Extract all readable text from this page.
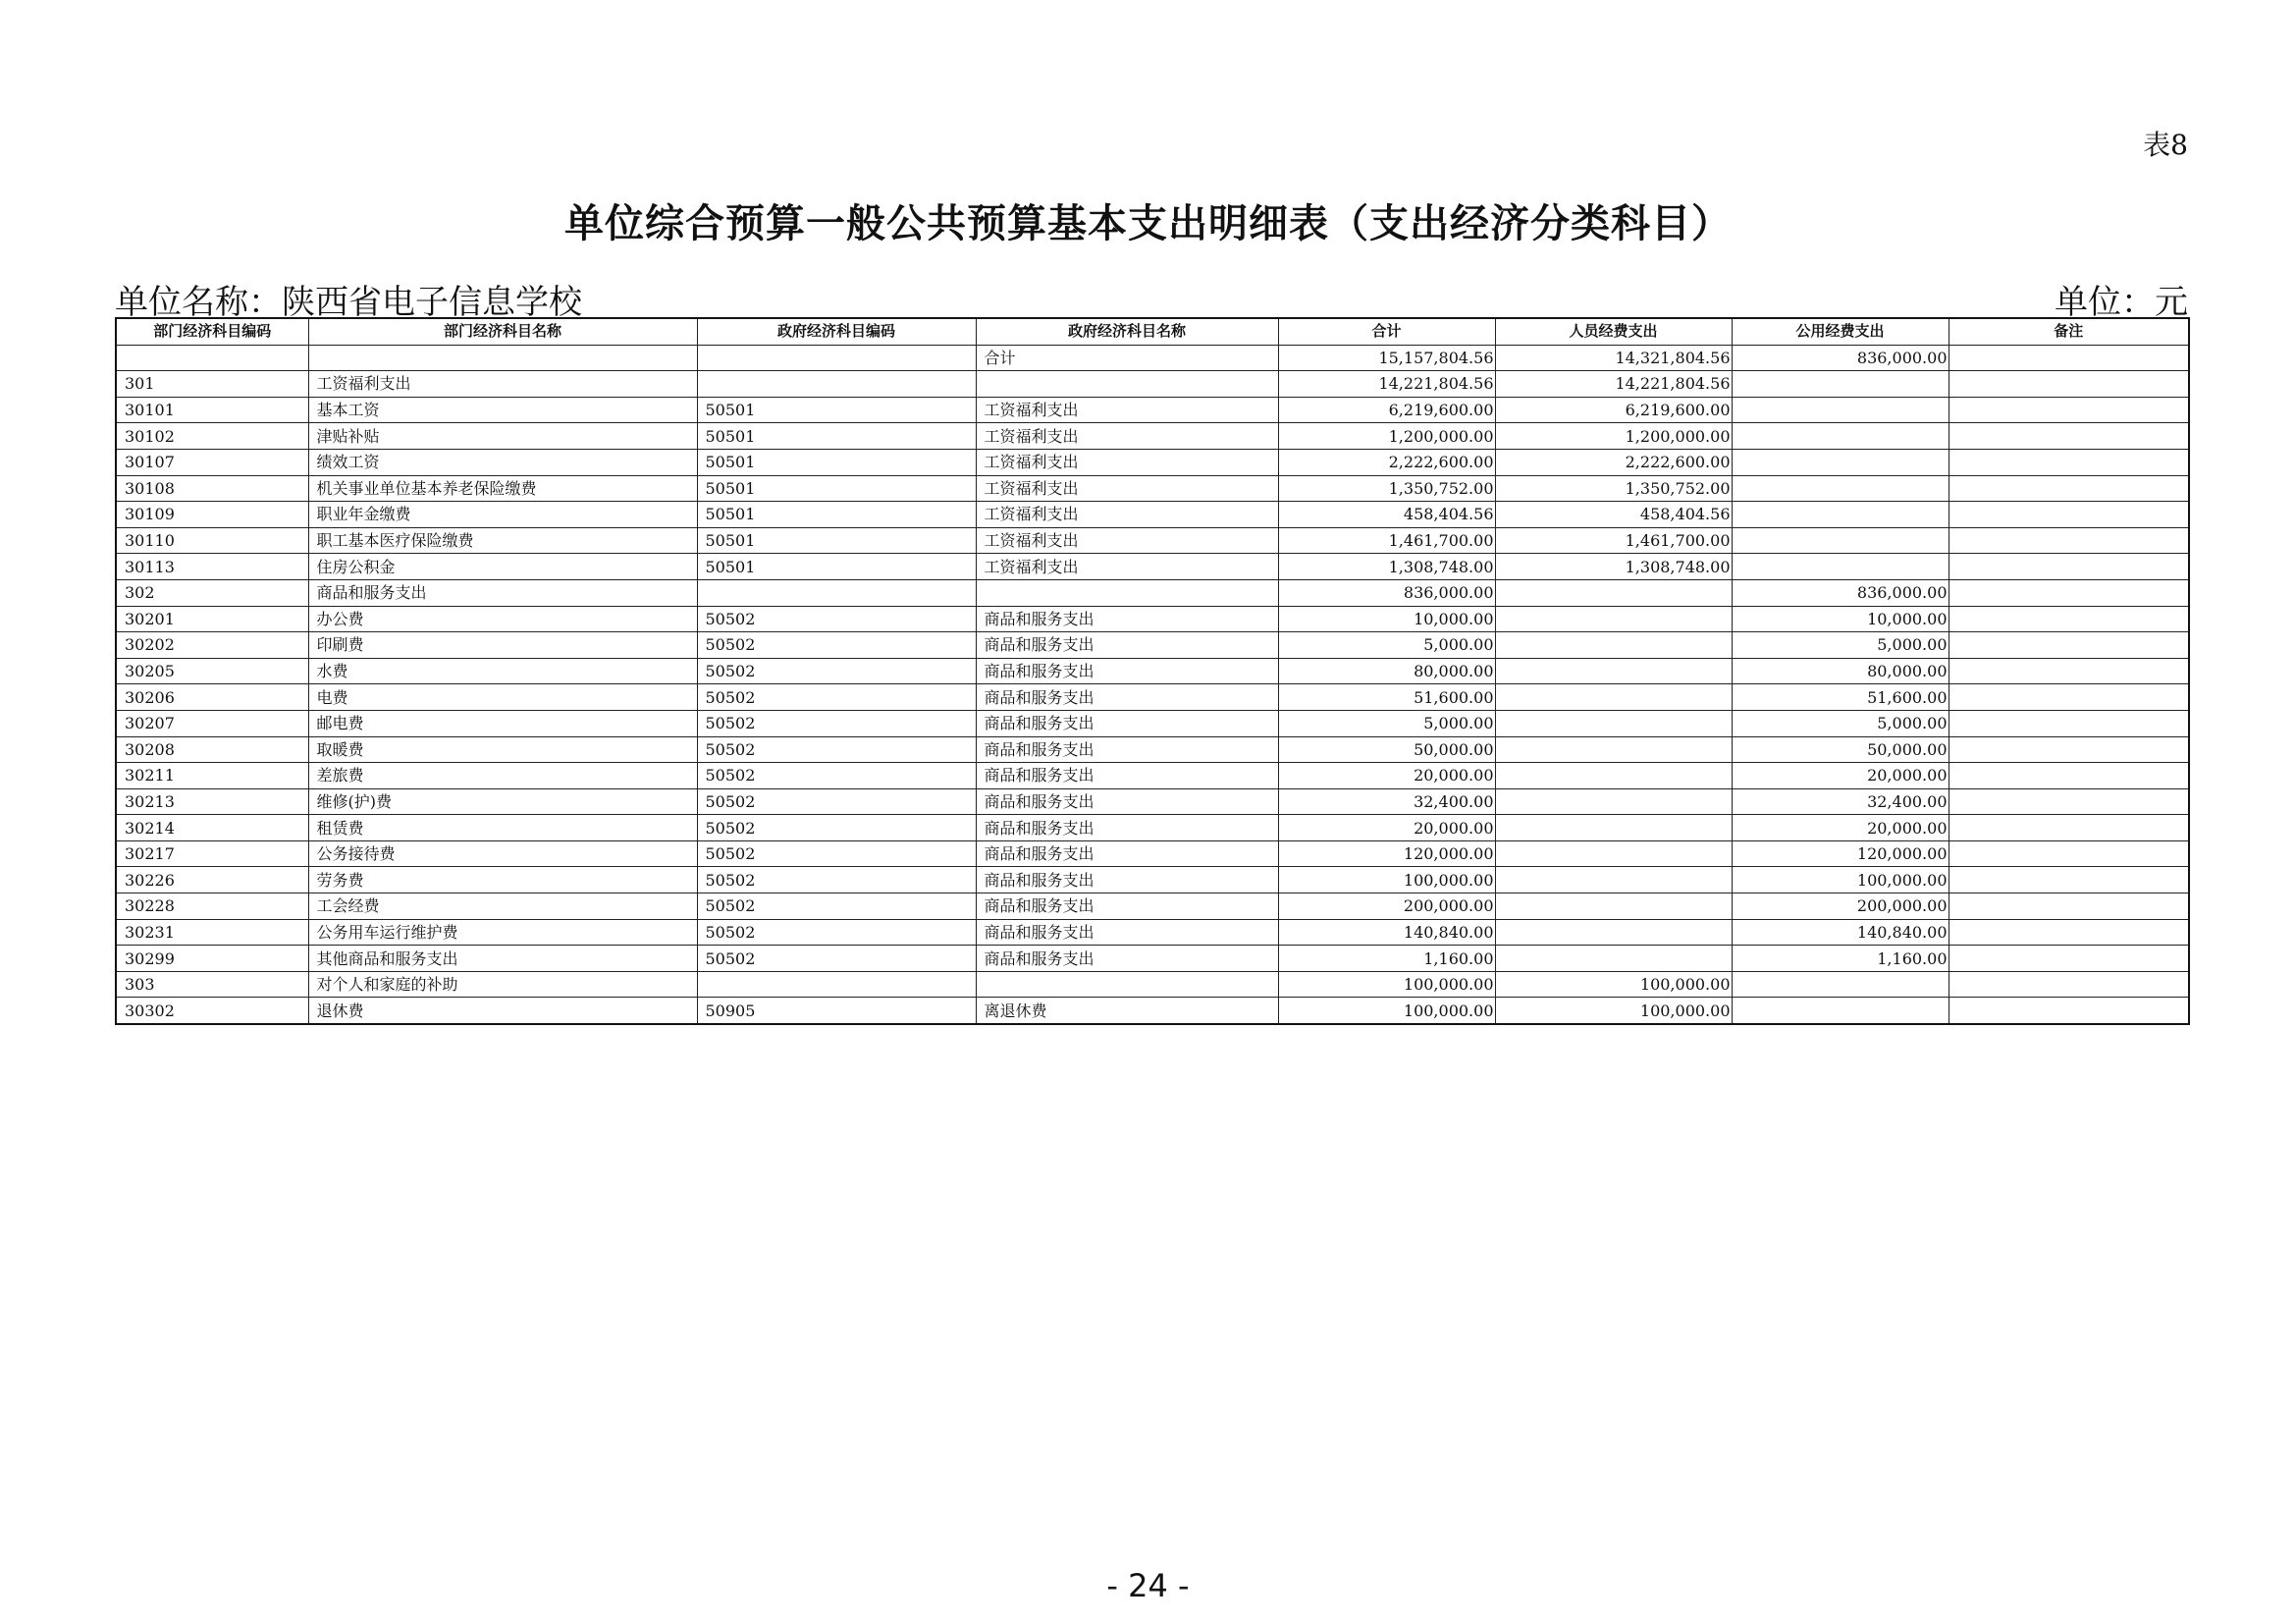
表8
单位综合预算一般公共预算基本支出明细表（支出经济分类科目）
单位名称：陕西省电子信息学校	单位：元
部门经济科目编码	部门经济科目名称	政府经济科目编码	政府经济科目名称	合计	人员经费支出	公用经费支出	备注
			合计	15,157,804.56	14,321,804.56	836,000.00	
301	工资福利支出			14,221,804.56	14,221,804.56		
30101	基本工资	50501	工资福利支出	6,219,600.00	6,219,600.00		
30102	津贴补贴	50501	工资福利支出	1,200,000.00	1,200,000.00		
30107	绩效工资	50501	工资福利支出	2,222,600.00	2,222,600.00		
30108	机关事业单位基本养老保险缴费	50501	工资福利支出	1,350,752.00	1,350,752.00		
30109	职业年金缴费	50501	工资福利支出	458,404.56	458,404.56		
30110	职工基本医疗保险缴费	50501	工资福利支出	1,461,700.00	1,461,700.00		
30113	住房公积金	50501	工资福利支出	1,308,748.00	1,308,748.00		
302	商品和服务支出			836,000.00		836,000.00	
30201	办公费	50502	商品和服务支出	10,000.00		10,000.00	
30202	印刷费	50502	商品和服务支出	5,000.00		5,000.00	
30205	水费	50502	商品和服务支出	80,000.00		80,000.00	
30206	电费	50502	商品和服务支出	51,600.00		51,600.00	
30207	邮电费	50502	商品和服务支出	5,000.00		5,000.00	
30208	取暖费	50502	商品和服务支出	50,000.00		50,000.00	
30211	差旅费	50502	商品和服务支出	20,000.00		20,000.00	
30213	维修(护)费	50502	商品和服务支出	32,400.00		32,400.00	
30214	租赁费	50502	商品和服务支出	20,000.00		20,000.00	
30217	公务接待费	50502	商品和服务支出	120,000.00		120,000.00	
30226	劳务费	50502	商品和服务支出	100,000.00		100,000.00	
30228	工会经费	50502	商品和服务支出	200,000.00		200,000.00	
30231	公务用车运行维护费	50502	商品和服务支出	140,840.00		140,840.00	
30299	其他商品和服务支出	50502	商品和服务支出	1,160.00		1,160.00	
303	对个人和家庭的补助			100,000.00	100,000.00		
30302	退休费	50905	离退休费	100,000.00	100,000.00		
- 24 -
